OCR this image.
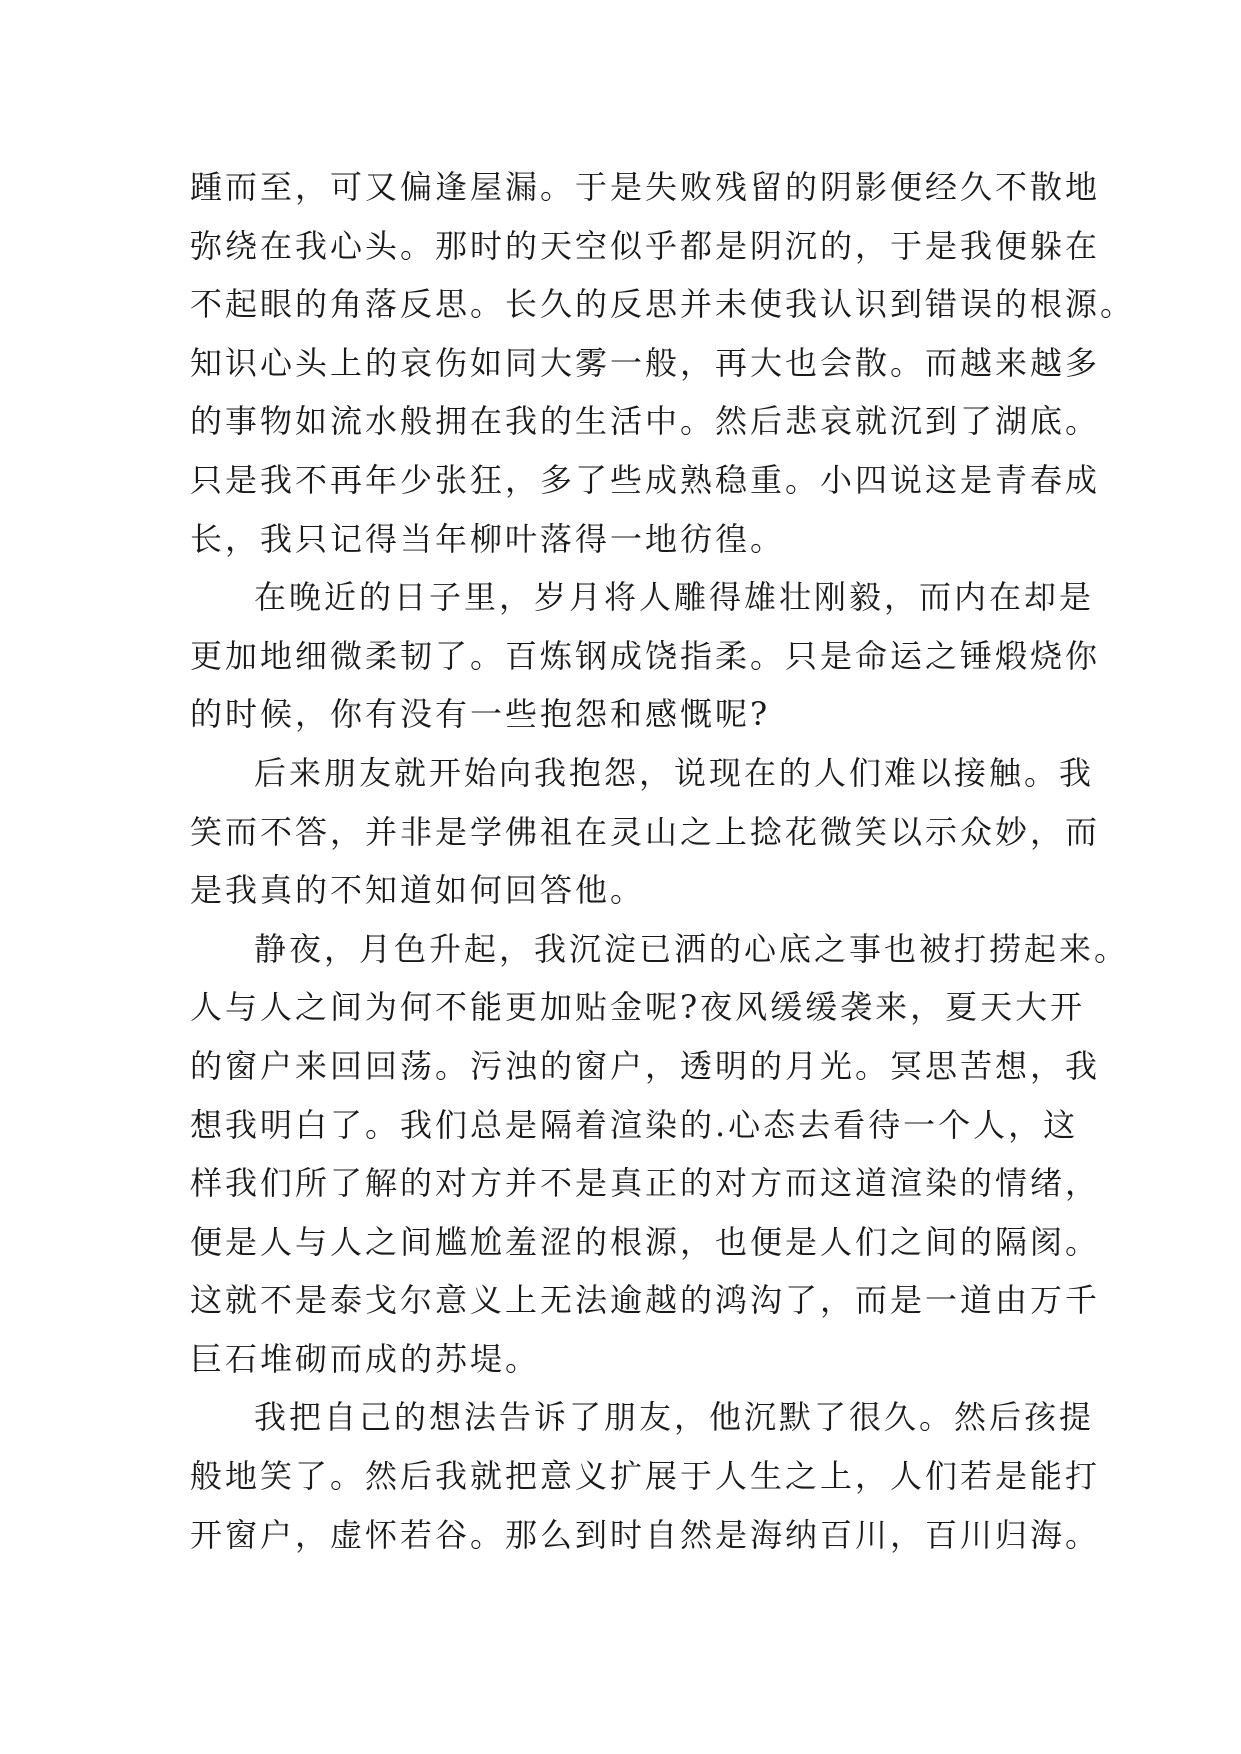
踵而至，可又偏逢屋漏。于是失败残留的阴影便经久不散地
弥绕在我心头。那时的天空似乎都是阴沉的，于是我便躲在
不起眼的角落反思。长久的反思并未使我认识到错误的根源。
知识心头上的哀伤如同大雾一般，再大也会散。而越来越多
的事物如流水般拥在我的生活中。然后悲哀就沉到了湖底。
只是我不再年少张狂，多了些成熟稳重。小四说这是青春成
长，我只记得当年柳叶落得一地彷徨。
在晚近的日子里，岁月将人雕得雄壮刚毅，而内在却是
更加地细微柔韧了。百炼钢成饶指柔。只是命运之锤煅烧你
的时候，你有没有一些抱怨和感慨呢?
后来朋友就开始向我抱怨，说现在的人们难以接触。我
笑而不答，并非是学佛祖在灵山之上捻花微笑以示众妙，而
是我真的不知道如何回答他。
静夜，月色升起，我沉淀已洒的心底之事也被打捞起来。
人与人之间为何不能更加贴金呢?夜风缓缓袭来，夏天大开
的窗户来回回荡。污浊的窗户，透明的月光。冥思苦想，我
想我明白了。我们总是隔着渲染的.心态去看待一个人，这
样我们所了解的对方并不是真正的对方而这道渲染的情绪，
便是人与人之间尴尬羞涩的根源，也便是人们之间的隔阂。
这就不是泰戈尔意义上无法逾越的鸿沟了，而是一道由万千
巨石堆砌而成的苏堤。
我把自己的想法告诉了朋友，他沉默了很久。然后孩提
般地笑了。然后我就把意义扩展于人生之上，人们若是能打
开窗户，虚怀若谷。那么到时自然是海纳百川，百川归海。
